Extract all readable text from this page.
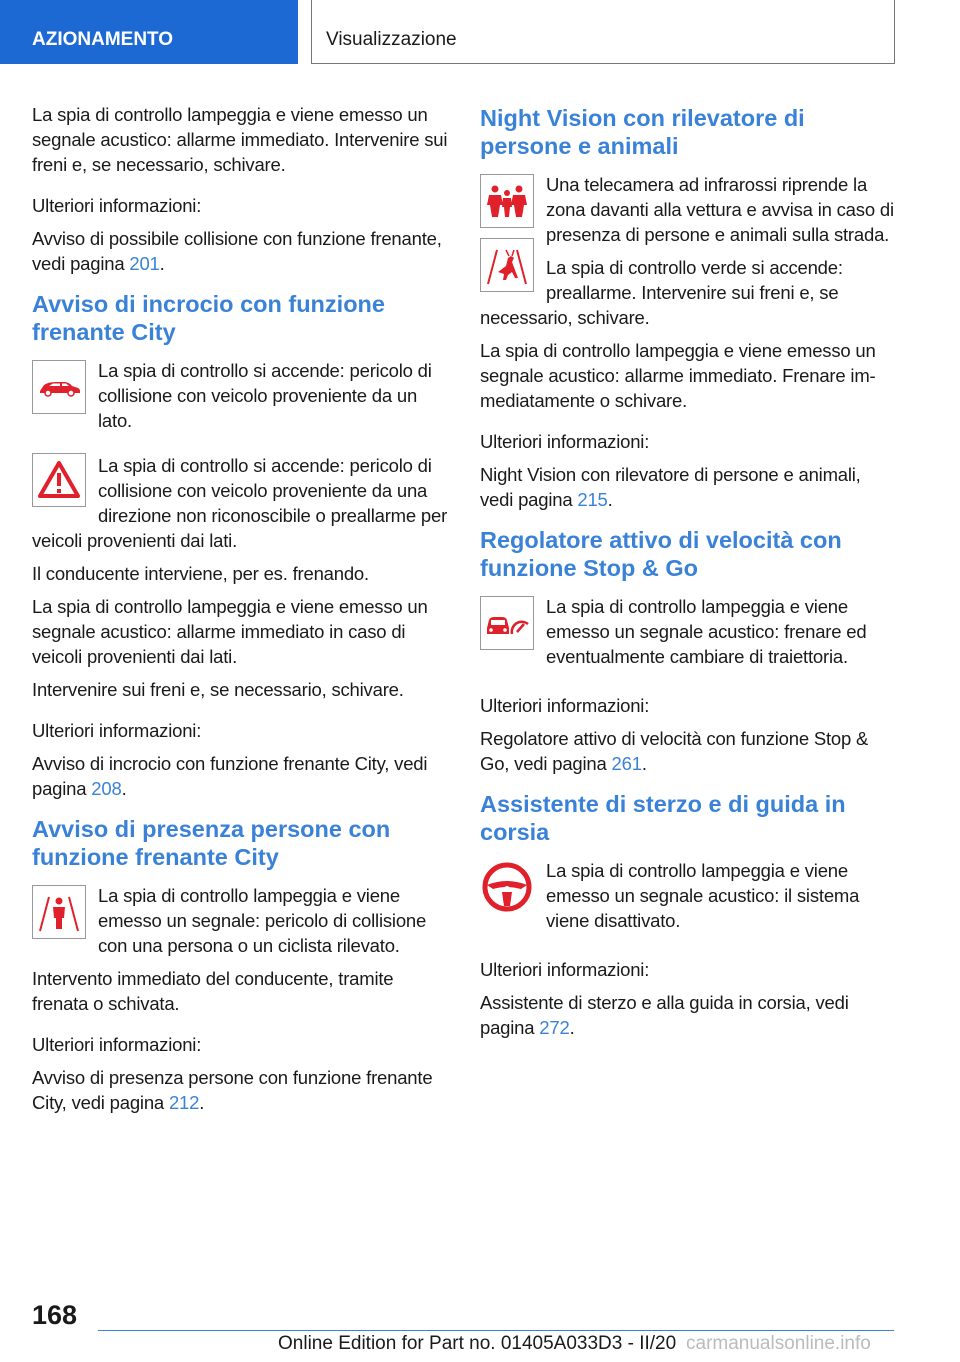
AZIONAMENTO	Visualizzazione

La spia di controllo lampeggia e viene emesso un segnale acustico: allarme immediato. Intervenire sui freni e, se necessario, schivare.

Ulteriori informazioni:

Avviso di possibile collisione con funzione frenante, vedi pagina 201.

Avviso di incrocio con funzione frenante City

La spia di controllo si accende: pericolo di collisione con veicolo proveniente da un lato.

La spia di controllo si accende: pericolo di collisione con veicolo proveniente da una direzione non riconoscibile o preallarme per veicoli provenienti dai lati.

Il conducente interviene, per es. frenando.

La spia di controllo lampeggia e viene emesso un segnale acustico: allarme immediato in caso di veicoli provenienti dai lati.

Intervenire sui freni e, se necessario, schivare.

Ulteriori informazioni:

Avviso di incrocio con funzione frenante City, vedi pagina 208.

Avviso di presenza persone con funzione frenante City

La spia di controllo lampeggia e viene emesso un segnale: pericolo di collisione con una persona o un ciclista rilevato.

Intervento immediato del conducente, tramite frenata o schivata.

Ulteriori informazioni:

Avviso di presenza persone con funzione frenante City, vedi pagina 212.

Night Vision con rilevatore di persone e animali

Una telecamera ad infrarossi riprende la zona davanti alla vettura e avvisa in caso di presenza di persone e animali sulla strada.

La spia di controllo verde si accende: preallarme. Intervenire sui freni e, se necessario, schivare.

La spia di controllo lampeggia e viene emesso un segnale acustico: allarme immediato. Frenare immediatamente o schivare.

Ulteriori informazioni:

Night Vision con rilevatore di persone e animali, vedi pagina 215.

Regolatore attivo di velocità con funzione Stop & Go

La spia di controllo lampeggia e viene emesso un segnale acustico: frenare ed eventualmente cambiare di traiettoria.

Ulteriori informazioni:

Regolatore attivo di velocità con funzione Stop & Go, vedi pagina 261.

Assistente di sterzo e di guida in corsia

La spia di controllo lampeggia e viene emesso un segnale acustico: il sistema viene disattivato.

Ulteriori informazioni:

Assistente di sterzo e alla guida in corsia, vedi pagina 272.

168
Online Edition for Part no. 01405A033D3 - II/20 carmanualsonline.info
